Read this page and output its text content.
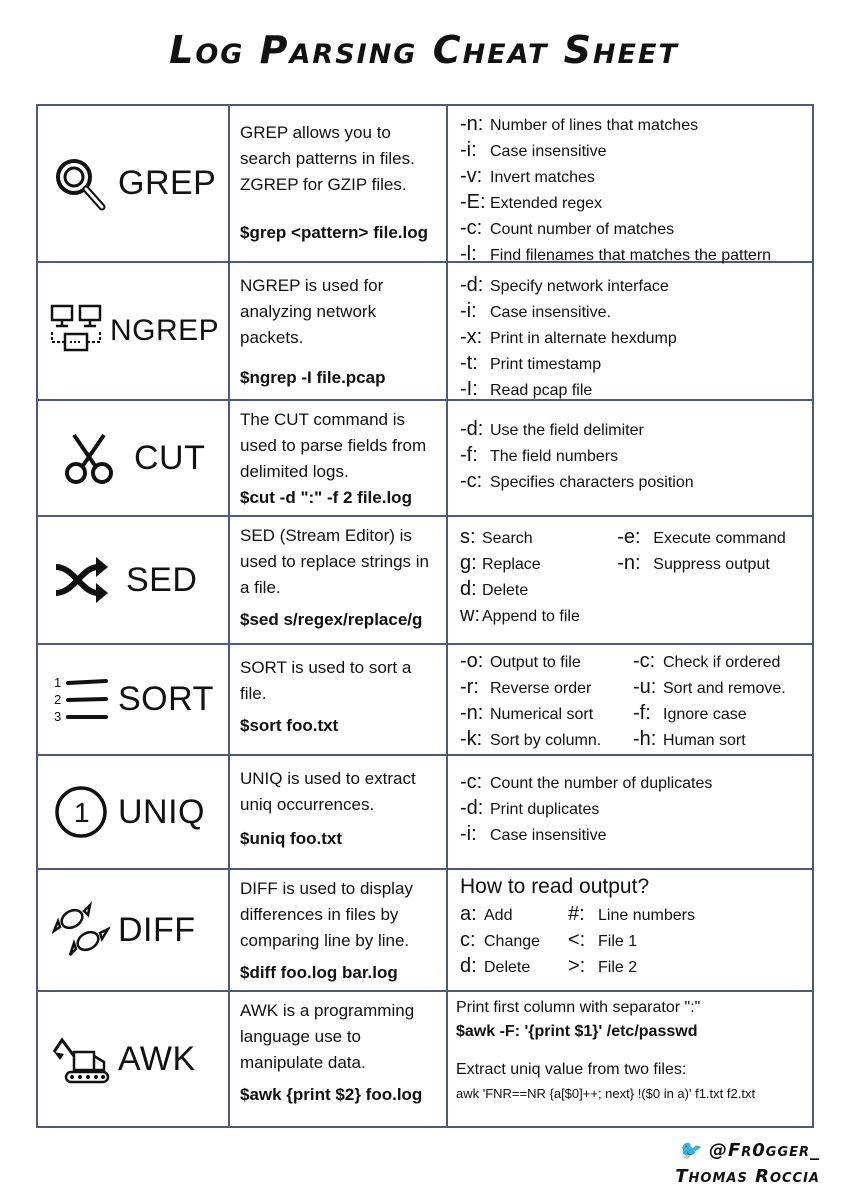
Log Parsing Cheat Sheet
GREP
GREP allows you to search patterns in files. ZGREP for GZIP files.
$grep <pattern> file.log
-n: Number of lines that matches
-i: Case insensitive
-v: Invert matches
-E: Extended regex
-c: Count number of matches
-l: Find filenames that matches the pattern
NGREP
NGREP is used for analyzing network packets.
$ngrep -I file.pcap
-d: Specify network interface
-i: Case insensitive.
-x: Print in alternate hexdump
-t: Print timestamp
-I: Read pcap file
CUT
The CUT command is used to parse fields from delimited logs.
$cut -d ":" -f 2 file.log
-d: Use the field delimiter
-f: The field numbers
-c: Specifies characters position
SED
SED (Stream Editor) is used to replace strings in a file.
$sed s/regex/replace/g
s: Search
g: Replace
d: Delete
w: Append to file
-e: Execute command
-n: Suppress output
1
2
3 SORT
SORT is used to sort a file.
$sort foo.txt
-o: Output to file
-r: Reverse order
-n: Numerical sort
-k: Sort by column.
-c: Check if ordered
-u: Sort and remove.
-f: Ignore case
-h: Human sort
1 UNIQ
UNIQ is used to extract uniq occurrences.
$uniq foo.txt
-c: Count the number of duplicates
-d: Print duplicates
-i: Case insensitive
DIFF
DIFF is used to display differences in files by comparing line by line.
$diff foo.log bar.log
How to read output?
a: Add
c: Change
d: Delete
#: Line numbers
<: File 1
>: File 2
AWK
AWK is a programming language use to manipulate data.
$awk {print $2} foo.log
Print first column with separator ":"
$awk -F: '{print $1}' /etc/passwd
Extract uniq value from two files:
awk 'FNR==NR {a[$0]++; next} !($0 in a)' f1.txt f2.txt
🐦 @Fr0gger_
Thomas Roccia
